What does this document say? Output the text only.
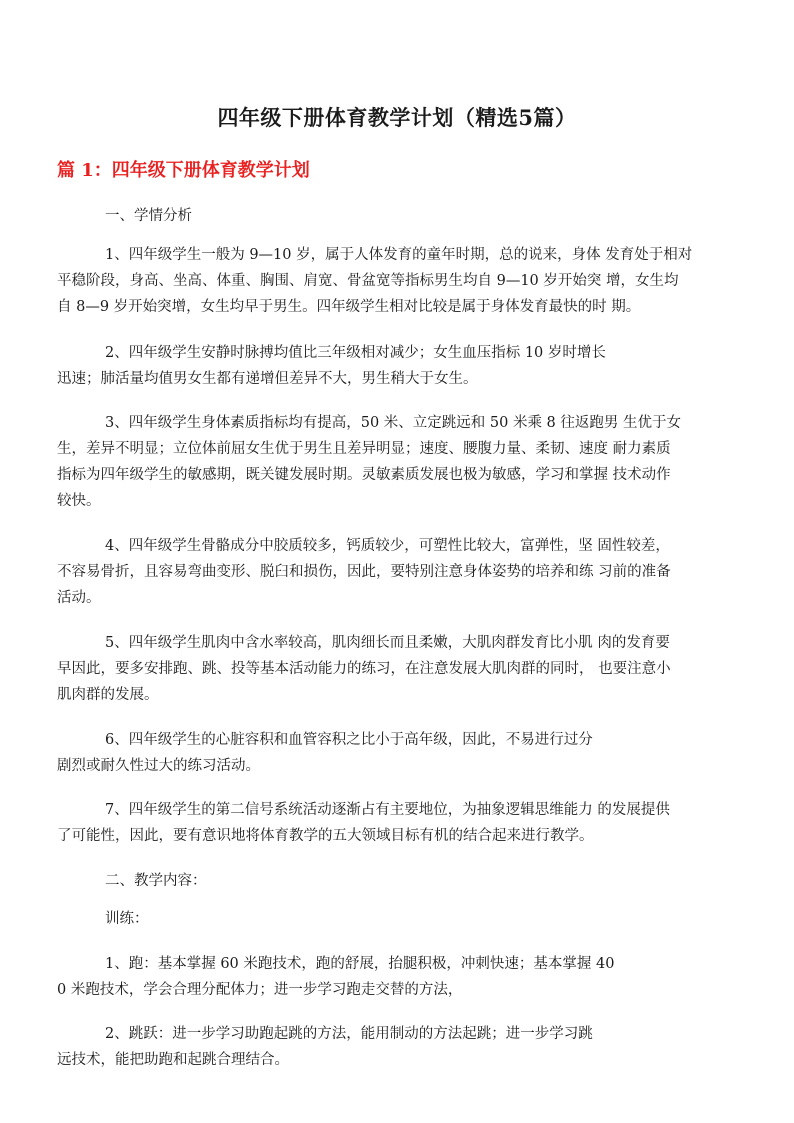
四年级下册体育教学计划（精选5篇）
篇 1：四年级下册体育教学计划
一、学情分析
1、四年级学生一般为 9—10 岁，属于人体发育的童年时期，总的说来，身体 发育处于相对
平稳阶段，身高、坐高、体重、胸围、肩宽、骨盆宽等指标男生均自 9—10 岁开始突 增，女生均
自 8—9 岁开始突增，女生均早于男生。四年级学生相对比较是属于身体发育最快的时 期。
2、四年级学生安静时脉搏均值比三年级相对减少；女生血压指标 10 岁时增长
迅速；肺活量均值男女生都有递增但差异不大，男生稍大于女生。
3、四年级学生身体素质指标均有提高，50 米、立定跳远和 50 米乘 8 往返跑男 生优于女
生，差异不明显；立位体前屈女生优于男生且差异明显；速度、腰腹力量、柔韧、速度 耐力素质
指标为四年级学生的敏感期，既关键发展时期。灵敏素质发展也极为敏感，学习和掌握 技术动作
较快。
4、四年级学生骨骼成分中胶质较多，钙质较少，可塑性比较大，富弹性，坚 固性较差，
不容易骨折，且容易弯曲变形、脱臼和损伤，因此，要特别注意身体姿势的培养和练 习前的准备
活动。
5、四年级学生肌肉中含水率较高，肌肉细长而且柔嫩，大肌肉群发育比小肌 肉的发育要
早因此，要多安排跑、跳、投等基本活动能力的练习，在注意发展大肌肉群的同时， 也要注意小
肌肉群的发展。
6、四年级学生的心脏容积和血管容积之比小于高年级，因此，不易进行过分
剧烈或耐久性过大的练习活动。
7、四年级学生的第二信号系统活动逐渐占有主要地位，为抽象逻辑思维能力 的发展提供
了可能性，因此，要有意识地将体育教学的五大领域目标有机的结合起来进行教学。
二、教学内容：
训练：
1、跑：基本掌握 60 米跑技术，跑的舒展，抬腿积极，冲刺快速；基本掌握 40
0 米跑技术，学会合理分配体力；进一步学习跑走交替的方法，
2、跳跃：进一步学习助跑起跳的方法，能用制动的方法起跳；进一步学习跳
远技术，能把助跑和起跳合理结合。
